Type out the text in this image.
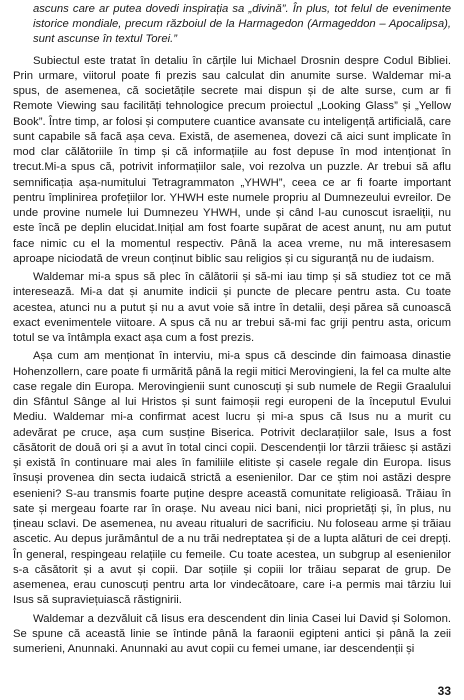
ascuns care ar putea dovedi inspirația sa „divină”. În plus, tot felul de evenimente istorice mondiale, precum războiul de la Harmagedon (Armageddon – Apocalipsa), sunt ascunse în textul Torei.”

Subiectul este tratat în detaliu în cărțile lui Michael Drosnin despre Codul Bibliei. Prin urmare, viitorul poate fi prezis sau calculat din anumite surse. Waldemar mi-a spus, de asemenea, că societățile secrete mai dispun și de alte surse, cum ar fi Remote Viewing sau facilități tehnologice precum proiectul „Looking Glass” și „Yellow Book”. Între timp, ar folosi și computere cuantice avansate cu inteligență artificială, care sunt capabile să facă așa ceva. Există, de asemenea, dovezi că aici sunt implicate în mod clar călătoriile în timp și că informațiile au fost depuse în mod intenționat în trecut.Mi-a spus că, potrivit informațiilor sale, voi rezolva un puzzle. Ar trebui să aflu semnificația așa-numitului Tetragrammaton „YHWH”, ceea ce ar fi foarte important pentru împlinirea profețiilor lor. YHWH este numele propriu al Dumnezeului evreilor. De unde provine numele lui Dumnezeu YHWH, unde și când l-au cunoscut israeliții, nu este încă pe deplin elucidat.Inițial am fost foarte supărat de acest anunț, nu am putut face nimic cu el la momentul respectiv. Până la acea vreme, nu mă interesasem aproape niciodată de vreun conținut biblic sau religios și cu siguranță nu de iudaism.

Waldemar mi-a spus să plec în călătorii și să-mi iau timp și să studiez tot ce mă interesează. Mi-a dat și anumite indicii și puncte de plecare pentru asta. Cu toate acestea, atunci nu a putut și nu a avut voie să intre în detalii, deși părea să cunoască exact evenimentele viitoare. A spus că nu ar trebui să-mi fac griji pentru asta, oricum totul se va întâmpla exact așa cum a fost prezis.

Așa cum am menționat în interviu, mi-a spus că descinde din faimoasa dinastie Hohenzollern, care poate fi urmărită până la regii mitici Merovingieni, la fel ca multe alte case regale din Europa. Merovingienii sunt cunoscuți și sub numele de Regii Graalului din Sfântul Sânge al lui Hristos și sunt faimoșii regi europeni de la începutul Evului Mediu. Waldemar mi-a confirmat acest lucru și mi-a spus că Isus nu a murit cu adevărat pe cruce, așa cum susține Biserica. Potrivit declarațiilor sale, Isus a fost căsătorit de două ori și a avut în total cinci copii. Descendenții lor târzii trăiesc și astăzi și există în continuare mai ales în familiile elitiste și casele regale din Europa. Iisus însuși provenea din secta iudaică strictă a esenienilor. Dar ce știm noi astăzi despre esenieni? S-au transmis foarte puține despre această comunitate religioasă. Trăiau în sate și mergeau foarte rar în orașe. Nu aveau nici bani, nici proprietăți și, în plus, nu țineau sclavi. De asemenea, nu aveau ritualuri de sacrificiu. Nu foloseau arme și trăiau ascetic. Au depus jurământul de a nu trăi nedreptatea și de a lupta alături de cei drepți. În general, respingeau relațiile cu femeile. Cu toate acestea, un subgrup al esenienilor s-a căsătorit și a avut și copii. Dar soțiile și copiii lor trăiau separat de grup. De asemenea, erau cunoscuți pentru arta lor vindecătoare, care i-a permis mai târziu lui Isus să supraviețuiască răstignirii.

Waldemar a dezvăluit că Iisus era descendent din linia Casei lui David și Solomon. Se spune că această linie se întinde până la faraonii egipteni antici și până la zeii sumerieni, Anunnaki. Anunnaki au avut copii cu femei umane, iar descendenții și

33
